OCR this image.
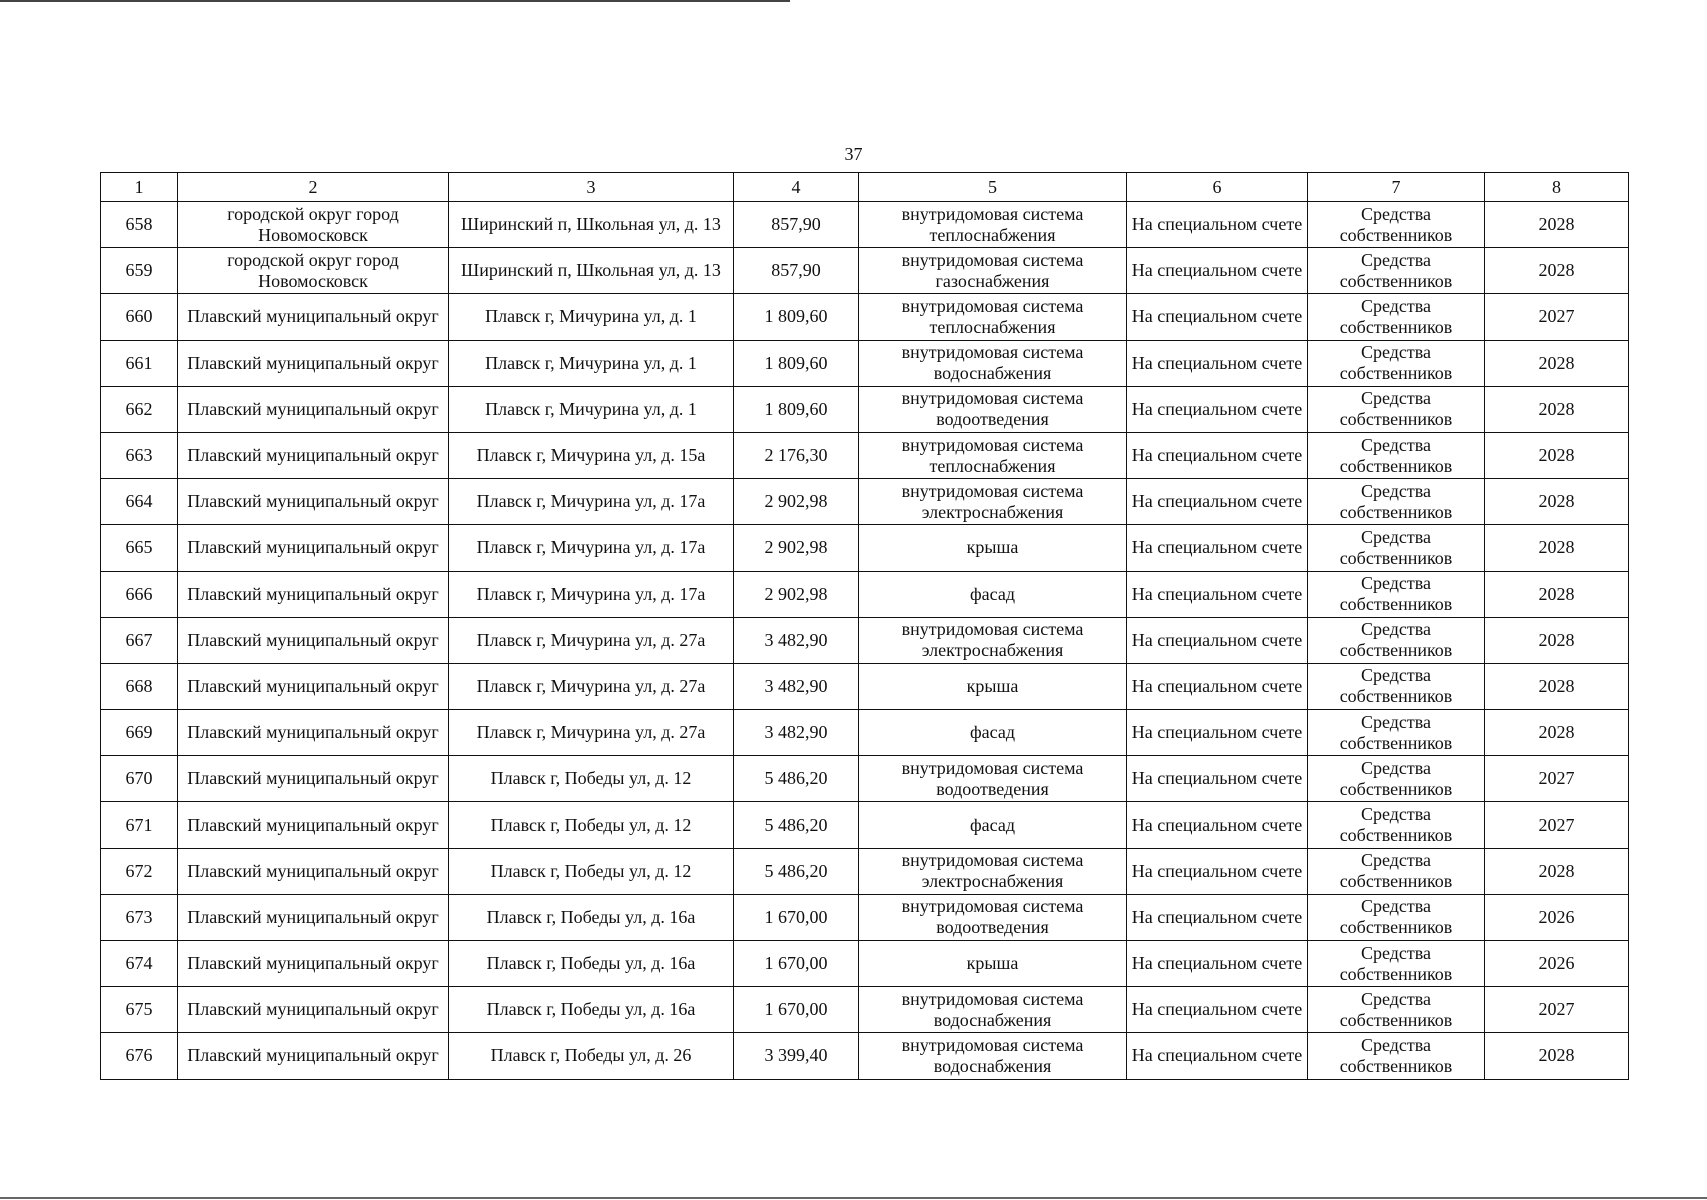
37
1	2	3	4	5	6	7	8
658	городской округ город Новомосковск	Ширинский п, Школьная ул, д. 13	857,90	внутридомовая система теплоснабжения	На специальном счете	Средства собственников	2028
659	городской округ город Новомосковск	Ширинский п, Школьная ул, д. 13	857,90	внутридомовая система газоснабжения	На специальном счете	Средства собственников	2028
660	Плавский муниципальный округ	Плавск г, Мичурина ул, д. 1	1 809,60	внутридомовая система теплоснабжения	На специальном счете	Средства собственников	2027
661	Плавский муниципальный округ	Плавск г, Мичурина ул, д. 1	1 809,60	внутридомовая система водоснабжения	На специальном счете	Средства собственников	2028
662	Плавский муниципальный округ	Плавск г, Мичурина ул, д. 1	1 809,60	внутридомовая система водоотведения	На специальном счете	Средства собственников	2028
663	Плавский муниципальный округ	Плавск г, Мичурина ул, д. 15а	2 176,30	внутридомовая система теплоснабжения	На специальном счете	Средства собственников	2028
664	Плавский муниципальный округ	Плавск г, Мичурина ул, д. 17а	2 902,98	внутридомовая система электроснабжения	На специальном счете	Средства собственников	2028
665	Плавский муниципальный округ	Плавск г, Мичурина ул, д. 17а	2 902,98	крыша	На специальном счете	Средства собственников	2028
666	Плавский муниципальный округ	Плавск г, Мичурина ул, д. 17а	2 902,98	фасад	На специальном счете	Средства собственников	2028
667	Плавский муниципальный округ	Плавск г, Мичурина ул, д. 27а	3 482,90	внутридомовая система электроснабжения	На специальном счете	Средства собственников	2028
668	Плавский муниципальный округ	Плавск г, Мичурина ул, д. 27а	3 482,90	крыша	На специальном счете	Средства собственников	2028
669	Плавский муниципальный округ	Плавск г, Мичурина ул, д. 27а	3 482,90	фасад	На специальном счете	Средства собственников	2028
670	Плавский муниципальный округ	Плавск г, Победы ул, д. 12	5 486,20	внутридомовая система водоотведения	На специальном счете	Средства собственников	2027
671	Плавский муниципальный округ	Плавск г, Победы ул, д. 12	5 486,20	фасад	На специальном счете	Средства собственников	2027
672	Плавский муниципальный округ	Плавск г, Победы ул, д. 12	5 486,20	внутридомовая система электроснабжения	На специальном счете	Средства собственников	2028
673	Плавский муниципальный округ	Плавск г, Победы ул, д. 16а	1 670,00	внутридомовая система водоотведения	На специальном счете	Средства собственников	2026
674	Плавский муниципальный округ	Плавск г, Победы ул, д. 16а	1 670,00	крыша	На специальном счете	Средства собственников	2026
675	Плавский муниципальный округ	Плавск г, Победы ул, д. 16а	1 670,00	внутридомовая система водоснабжения	На специальном счете	Средства собственников	2027
676	Плавский муниципальный округ	Плавск г, Победы ул, д. 26	3 399,40	внутридомовая система водоснабжения	На специальном счете	Средства собственников	2028
